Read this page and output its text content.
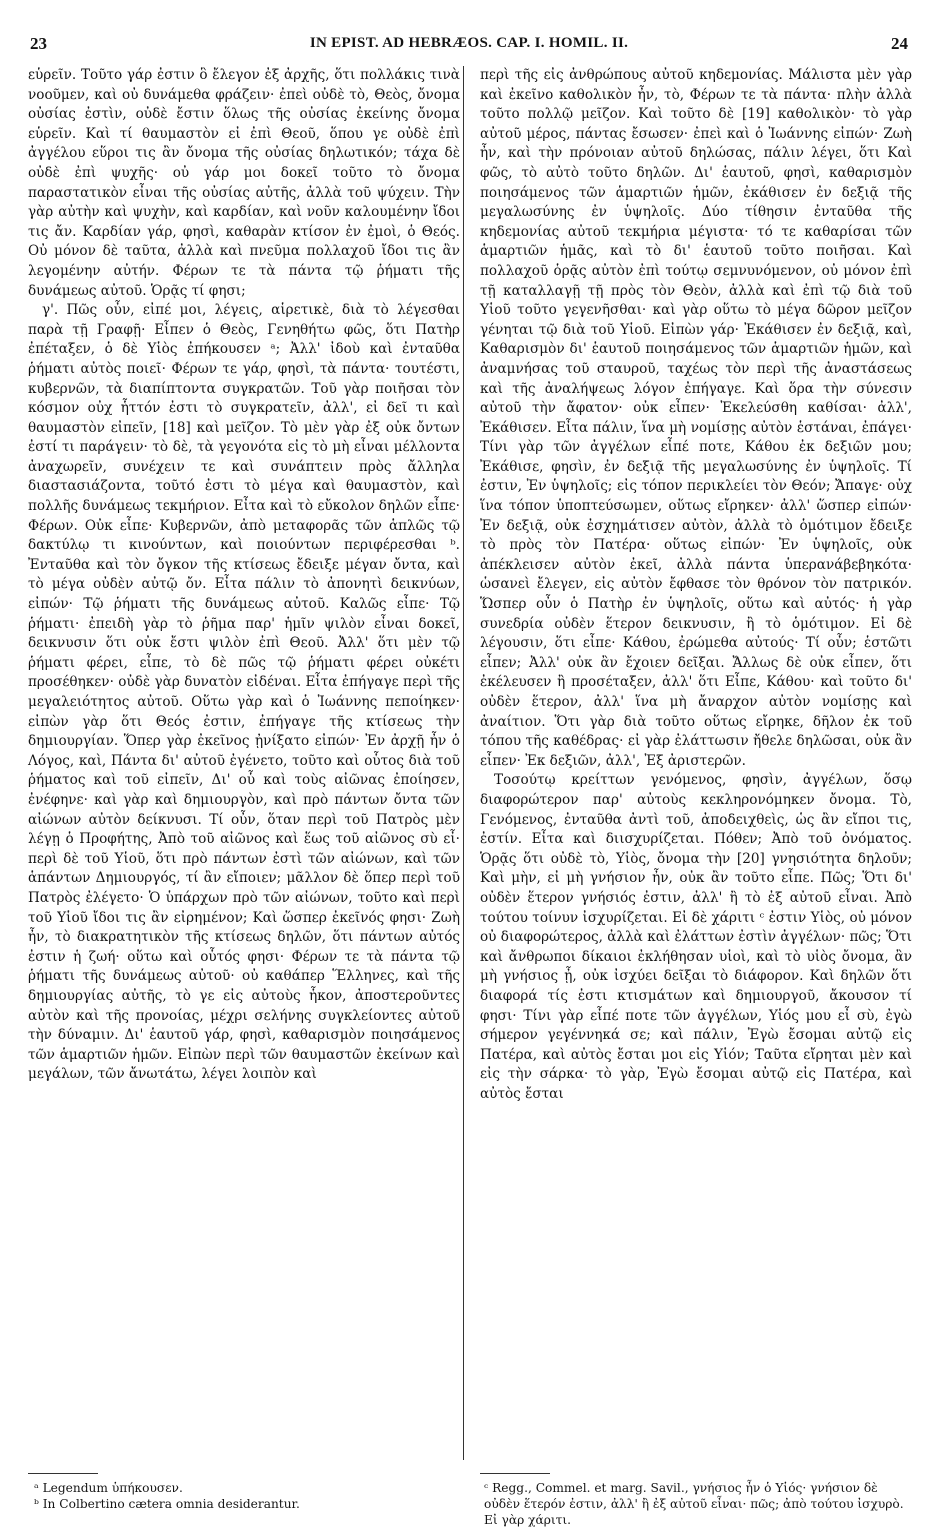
23	IN EPIST. AD HEBRÆOS. CAP. I. HOMIL. II.	24

εὑρεῖν. Τοῦτο γάρ ἐστιν ὃ ἔλεγον ἐξ ἀρχῆς, ὅτι πολλάκις τινὰ νοοῦμεν, καὶ οὐ δυνάμεθα φράζειν· ἐπεὶ οὐδὲ τὸ, Θεὸς, ὄνομα οὐσίας ἐστὶν, οὐδὲ ἔστιν ὅλως τῆς οὐσίας ἐκείνης ὄνομα εὑρεῖν. Καὶ τί θαυμαστὸν εἰ ἐπὶ Θεοῦ, ὅπου γε οὐδὲ ἐπὶ ἀγγέλου εὕροι τις ἂν ὄνομα τῆς οὐσίας δηλωτικόν; τάχα δὲ οὐδὲ ἐπὶ ψυχῆς· οὐ γάρ μοι δοκεῖ τοῦτο τὸ ὄνομα παραστατικὸν εἶναι τῆς οὐσίας αὐτῆς, ἀλλὰ τοῦ ψύχειν. Τὴν γὰρ αὐτὴν καὶ ψυχὴν, καὶ καρδίαν, καὶ νοῦν καλουμένην ἴδοι τις ἄν. Καρδίαν γάρ, φησὶ, καθαρὰν κτίσον ἐν ἐμοὶ, ὁ Θεός. Οὐ μόνον δὲ ταῦτα, ἀλλὰ καὶ πνεῦμα πολλαχοῦ ἴδοι τις ἂν λεγομένην αὐτήν. Φέρων τε τὰ πάντα τῷ ῥήματι τῆς δυνάμεως αὐτοῦ. Ὁρᾷς τί φησι;

γ'. Πῶς οὖν, εἰπέ μοι, λέγεις, αἱρετικὲ, διὰ τὸ λέγεσθαι παρὰ τῇ Γραφῇ· Εἶπεν ὁ Θεὸς, Γενηθήτω φῶς, ὅτι Πατὴρ ἐπέταξεν, ὁ δὲ Υἱὸς ἐπήκουσεν ᵃ; Ἀλλ' ἰδοὺ καὶ ἐνταῦθα ῥήματι αὐτὸς ποιεῖ· Φέρων τε γάρ, φησὶ, τὰ πάντα· τουτέστι, κυβερνῶν, τὰ διαπίπτοντα συγκρατῶν. Τοῦ γὰρ ποιῆσαι τὸν κόσμον οὐχ ἧττόν ἐστι τὸ συγκρατεῖν, ἀλλ', εἰ δεῖ τι καὶ θαυμαστὸν εἰπεῖν, [18] καὶ μεῖζον. Τὸ μὲν γὰρ ἐξ οὐκ ὄντων ἐστί τι παράγειν· τὸ δὲ, τὰ γεγονότα εἰς τὸ μὴ εἶναι μέλλοντα ἀναχωρεῖν, συνέχειν τε καὶ συνάπτειν πρὸς ἄλληλα διαστασιάζοντα, τοῦτό ἐστι τὸ μέγα καὶ θαυμαστὸν, καὶ πολλῆς δυνάμεως τεκμήριον. Εἶτα καὶ τὸ εὔκολον δηλῶν εἶπε· Φέρων. Οὐκ εἶπε· Κυβερνῶν, ἀπὸ μεταφορᾶς τῶν ἁπλῶς τῷ δακτύλῳ τι κινούντων, καὶ ποιούντων περιφέρεσθαι ᵇ. Ἐνταῦθα καὶ τὸν ὄγκον τῆς κτίσεως ἔδειξε μέγαν ὄντα, καὶ τὸ μέγα οὐδὲν αὐτῷ ὄν. Εἶτα πάλιν τὸ ἀπονητὶ δεικνύων, εἰπών· Τῷ ῥήματι τῆς δυνάμεως αὐτοῦ. Καλῶς εἶπε· Τῷ ῥήματι· ἐπειδὴ γὰρ τὸ ῥῆμα παρ' ἡμῖν ψιλὸν εἶναι δοκεῖ, δεικνυσιν ὅτι οὐκ ἔστι ψιλὸν ἐπὶ Θεοῦ. Ἀλλ' ὅτι μὲν τῷ ῥήματι φέρει, εἶπε, τὸ δὲ πῶς τῷ ῥήματι φέρει οὐκέτι προσέθηκεν· οὐδὲ γὰρ δυνατὸν εἰδέναι. Εἶτα ἐπήγαγε περὶ τῆς μεγαλειότητος αὐτοῦ. Οὕτω γὰρ καὶ ὁ Ἰωάννης πεποίηκεν· εἰπὼν γὰρ ὅτι Θεός ἐστιν, ἐπήγαγε τῆς κτίσεως τὴν δημιουργίαν. Ὅπερ γὰρ ἐκεῖνος ᾐνίξατο εἰπών· Ἐν ἀρχῇ ἦν ὁ Λόγος, καὶ, Πάντα δι' αὐτοῦ ἐγένετο, τοῦτο καὶ οὗτος διὰ τοῦ ῥήματος καὶ τοῦ εἰπεῖν, Δι' οὗ καὶ τοὺς αἰῶνας ἐποίησεν, ἐνέφηνε· καὶ γὰρ καὶ δημιουργὸν, καὶ πρὸ πάντων ὄντα τῶν αἰώνων αὐτὸν δείκνυσι. Τί οὖν, ὅταν περὶ τοῦ Πατρὸς μὲν λέγῃ ὁ Προφήτης, Ἀπὸ τοῦ αἰῶνος καὶ ἕως τοῦ αἰῶνος σὺ εἶ· περὶ δὲ τοῦ Υἱοῦ, ὅτι πρὸ πάντων ἐστὶ τῶν αἰώνων, καὶ τῶν ἁπάντων Δημιουργός, τί ἂν εἴποιεν; μᾶλλον δὲ ὅπερ περὶ τοῦ Πατρὸς ἐλέγετο· Ὁ ὑπάρχων πρὸ τῶν αἰώνων, τοῦτο καὶ περὶ τοῦ Υἱοῦ ἴδοι τις ἂν εἰρημένον; Καὶ ὥσπερ ἐκεῖνός φησι· Ζωὴ ἦν, τὸ διακρατητικὸν τῆς κτίσεως δηλῶν, ὅτι πάντων αὐτός ἐστιν ἡ ζωή· οὕτω καὶ οὗτός φησι· Φέρων τε τὰ πάντα τῷ ῥήματι τῆς δυνάμεως αὐτοῦ· οὐ καθάπερ Ἕλληνες, καὶ τῆς δημιουργίας αὐτῆς, τὸ γε εἰς αὐτοὺς ἧκον, ἀποστεροῦντες αὐτὸν καὶ τῆς προνοίας, μέχρι σελήνης συγκλείοντες αὐτοῦ τὴν δύναμιν. Δι' ἑαυτοῦ γάρ, φησὶ, καθαρισμὸν ποιησάμενος τῶν ἁμαρτιῶν ἡμῶν. Εἰπὼν περὶ τῶν θαυμαστῶν ἐκείνων καὶ μεγάλων, τῶν ἄνωτάτω, λέγει λοιπὸν καὶ

περὶ τῆς εἰς ἀνθρώπους αὐτοῦ κηδεμονίας. Μάλιστα μὲν γὰρ καὶ ἐκεῖνο καθολικὸν ἦν, τὸ, Φέρων τε τὰ πάντα· πλὴν ἀλλὰ τοῦτο πολλῷ μεῖζον. Καὶ τοῦτο δὲ [19] καθολικὸν· τὸ γὰρ αὐτοῦ μέρος, πάντας ἔσωσεν· ἐπεὶ καὶ ὁ Ἰωάννης εἰπών· Ζωὴ ἦν, καὶ τὴν πρόνοιαν αὐτοῦ δηλώσας, πάλιν λέγει, ὅτι Καὶ φῶς, τὸ αὐτὸ τοῦτο δηλῶν. Δι' ἑαυτοῦ, φησὶ, καθαρισμὸν ποιησάμενος τῶν ἁμαρτιῶν ἡμῶν, ἐκάθισεν ἐν δεξιᾷ τῆς μεγαλωσύνης ἐν ὑψηλοῖς. Δύο τίθησιν ἐνταῦθα τῆς κηδεμονίας αὐτοῦ τεκμήρια μέγιστα· τό τε καθαρίσαι τῶν ἁμαρτιῶν ἡμᾶς, καὶ τὸ δι' ἑαυτοῦ τοῦτο ποιῆσαι. Καὶ πολλαχοῦ ὁρᾷς αὐτὸν ἐπὶ τούτῳ σεμνυνόμενον, οὐ μόνον ἐπὶ τῇ καταλλαγῇ τῇ πρὸς τὸν Θεὸν, ἀλλὰ καὶ ἐπὶ τῷ διὰ τοῦ Υἱοῦ τοῦτο γεγενῆσθαι· καὶ γὰρ οὕτω τὸ μέγα δῶρον μεῖζον γένηται τῷ διὰ τοῦ Υἱοῦ. Εἰπὼν γάρ· Ἐκάθισεν ἐν δεξιᾷ, καὶ, Καθαρισμὸν δι' ἑαυτοῦ ποιησάμενος τῶν ἁμαρτιῶν ἡμῶν, καὶ ἀναμνήσας τοῦ σταυροῦ, ταχέως τὸν περὶ τῆς ἀναστάσεως καὶ τῆς ἀναλήψεως λόγον ἐπήγαγε. Καὶ ὅρα τὴν σύνεσιν αὐτοῦ τὴν ἄφατον· οὐκ εἶπεν· Ἐκελεύσθη καθίσαι· ἀλλ', Ἐκάθισεν. Εἶτα πάλιν, ἵνα μὴ νομίσῃς αὐτὸν ἑστάναι, ἐπάγει· Τίνι γὰρ τῶν ἀγγέλων εἶπέ ποτε, Κάθου ἐκ δεξιῶν μου; Ἐκάθισε, φησὶν, ἐν δεξιᾷ τῆς μεγαλωσύνης ἐν ὑψηλοῖς. Τί ἐστιν, Ἐν ὑψηλοῖς; εἰς τόπον περικλείει τὸν Θεόν; Ἄπαγε· οὐχ ἵνα τόπον ὑποπτεύσωμεν, οὕτως εἴρηκεν· ἀλλ' ὥσπερ εἰπών· Ἐν δεξιᾷ, οὐκ ἐσχημάτισεν αὐτὸν, ἀλλὰ τὸ ὁμότιμον ἔδειξε τὸ πρὸς τὸν Πατέρα· οὕτως εἰπών· Ἐν ὑψηλοῖς, οὐκ ἀπέκλεισεν αὐτὸν ἐκεῖ, ἀλλὰ πάντα ὑπερανάβεβηκότα· ὡσανεὶ ἔλεγεν, εἰς αὐτὸν ἔφθασε τὸν θρόνον τὸν πατρικόν. Ὥσπερ οὖν ὁ Πατὴρ ἐν ὑψηλοῖς, οὕτω καὶ αὐτός· ἡ γὰρ συνεδρία οὐδὲν ἕτερον δεικνυσιν, ἢ τὸ ὁμότιμον. Εἰ δὲ λέγουσιν, ὅτι εἶπε· Κάθου, ἐρώμεθα αὐτούς· Τί οὖν; ἑστῶτι εἶπεν; Ἀλλ' οὐκ ἂν ἔχοιεν δεῖξαι. Ἄλλως δὲ οὐκ εἶπεν, ὅτι ἐκέλευσεν ἢ προσέταξεν, ἀλλ' ὅτι Εἶπε, Κάθου· καὶ τοῦτο δι' οὐδὲν ἕτερον, ἀλλ' ἵνα μὴ ἄναρχον αὐτὸν νομίσῃς καὶ ἀναίτιον. Ὅτι γὰρ διὰ τοῦτο οὕτως εἴρηκε, δῆλον ἐκ τοῦ τόπου τῆς καθέδρας· εἰ γὰρ ἐλάττωσιν ἤθελε δηλῶσαι, οὐκ ἂν εἶπεν· Ἐκ δεξιῶν, ἀλλ', Ἐξ ἀριστερῶν.

Τοσούτῳ κρείττων γενόμενος, φησὶν, ἀγγέλων, ὅσῳ διαφορώτερον παρ' αὐτοὺς κεκληρονόμηκεν ὄνομα. Τὸ, Γενόμενος, ἐνταῦθα ἀντὶ τοῦ, ἀποδειχθεὶς, ὡς ἂν εἴποι τις, ἐστίν. Εἶτα καὶ διισχυρίζεται. Πόθεν; Ἀπὸ τοῦ ὀνόματος. Ὁρᾷς ὅτι οὐδὲ τὸ, Υἱὸς, ὄνομα τὴν [20] γνησιότητα δηλοῦν; Καὶ μὴν, εἰ μὴ γνήσιον ἦν, οὐκ ἂν τοῦτο εἶπε. Πῶς; Ὅτι δι' οὐδὲν ἕτερον γνήσιός ἐστιν, ἀλλ' ἢ τὸ ἐξ αὐτοῦ εἶναι. Ἀπὸ τούτου τοίνυν ἰσχυρίζεται. Εἰ δὲ χάριτι ᶜ ἐστιν Υἱὸς, οὐ μόνον οὐ διαφορώτερος, ἀλλὰ καὶ ἐλάττων ἐστὶν ἀγγέλων· πῶς; Ὅτι καὶ ἄνθρωποι δίκαιοι ἐκλήθησαν υἱοὶ, καὶ τὸ υἱὸς ὄνομα, ἂν μὴ γνήσιος ᾖ, οὐκ ἰσχύει δεῖξαι τὸ διάφορον. Καὶ δηλῶν ὅτι διαφορά τίς ἐστι κτισμάτων καὶ δημιουργοῦ, ἄκουσον τί φησι· Τίνι γὰρ εἶπέ ποτε τῶν ἀγγέλων, Υἱός μου εἶ σὺ, ἐγὼ σήμερον γεγέννηκά σε; καὶ πάλιν, Ἐγὼ ἔσομαι αὐτῷ εἰς Πατέρα, καὶ αὐτὸς ἔσται μοι εἰς Υἱόν; Ταῦτα εἴρηται μὲν καὶ εἰς τὴν σάρκα· τὸ γὰρ, Ἐγὼ ἔσομαι αὐτῷ εἰς Πατέρα, καὶ αὐτὸς ἔσται

ᵃ Legendum ὑπήκουσεν.

ᵇ In Colbertino cætera omnia desiderantur.

ᶜ Regg., Commel. et marg. Savil., γνήσιος ἦν ὁ Υἱός· γνήσιον δὲ οὐδὲν ἕτερόν ἐστιν, ἀλλ' ἢ ἐξ αὐτοῦ εἶναι· πῶς; ἀπὸ τούτου ἰσχυρὸ. Εἰ γὰρ χάριτι.
